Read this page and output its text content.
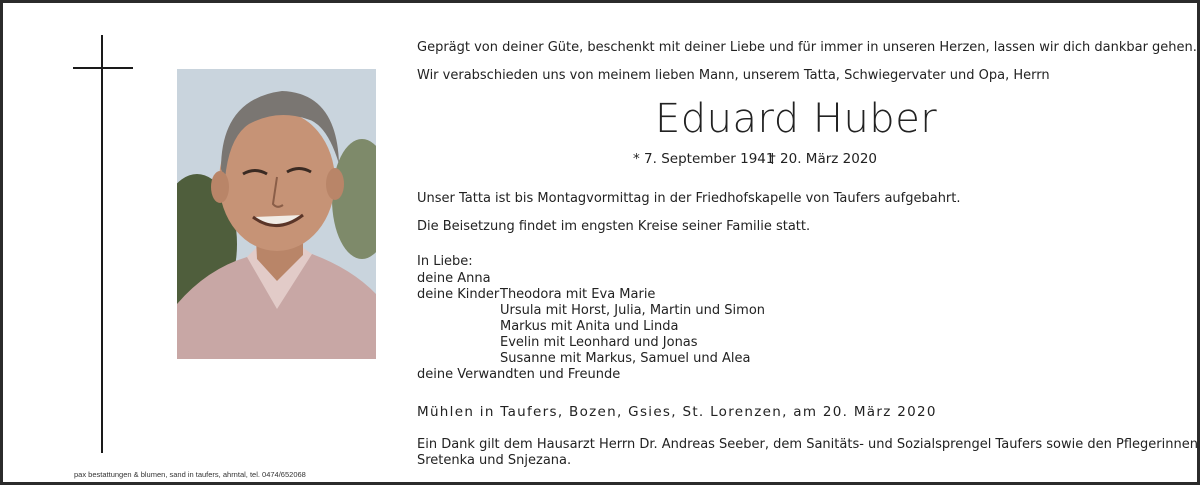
Geprägt von deiner Güte, beschenkt mit deiner Liebe und für immer in unseren Herzen, lassen wir dich dankbar gehen.
Wir verabschieden uns von meinem lieben Mann, unserem Tatta, Schwiegervater und Opa, Herrn
Eduard Huber
* 7. September 1941
† 20. März 2020
Unser Tatta ist bis Montagvormittag in der Friedhofskapelle von Taufers aufgebahrt.
Die Beisetzung findet im engsten Kreise seiner Familie statt.
In Liebe:
deine Anna
deine Kinder Theodora mit Eva Marie
Ursula mit Horst, Julia, Martin und Simon
Markus mit Anita und Linda
Evelin mit Leonhard und Jonas
Susanne mit Markus, Samuel und Alea
deine Verwandten und Freunde
Mühlen in Taufers, Bozen, Gsies, St. Lorenzen, am 20. März 2020
Ein Dank gilt dem Hausarzt Herrn Dr. Andreas Seeber, dem Sanitäts- und Sozialsprengel Taufers sowie den Pflegerinnen
Sretenka und Snjezana.
pax bestattungen & blumen, sand in taufers, ahrntal, tel. 0474/652068
